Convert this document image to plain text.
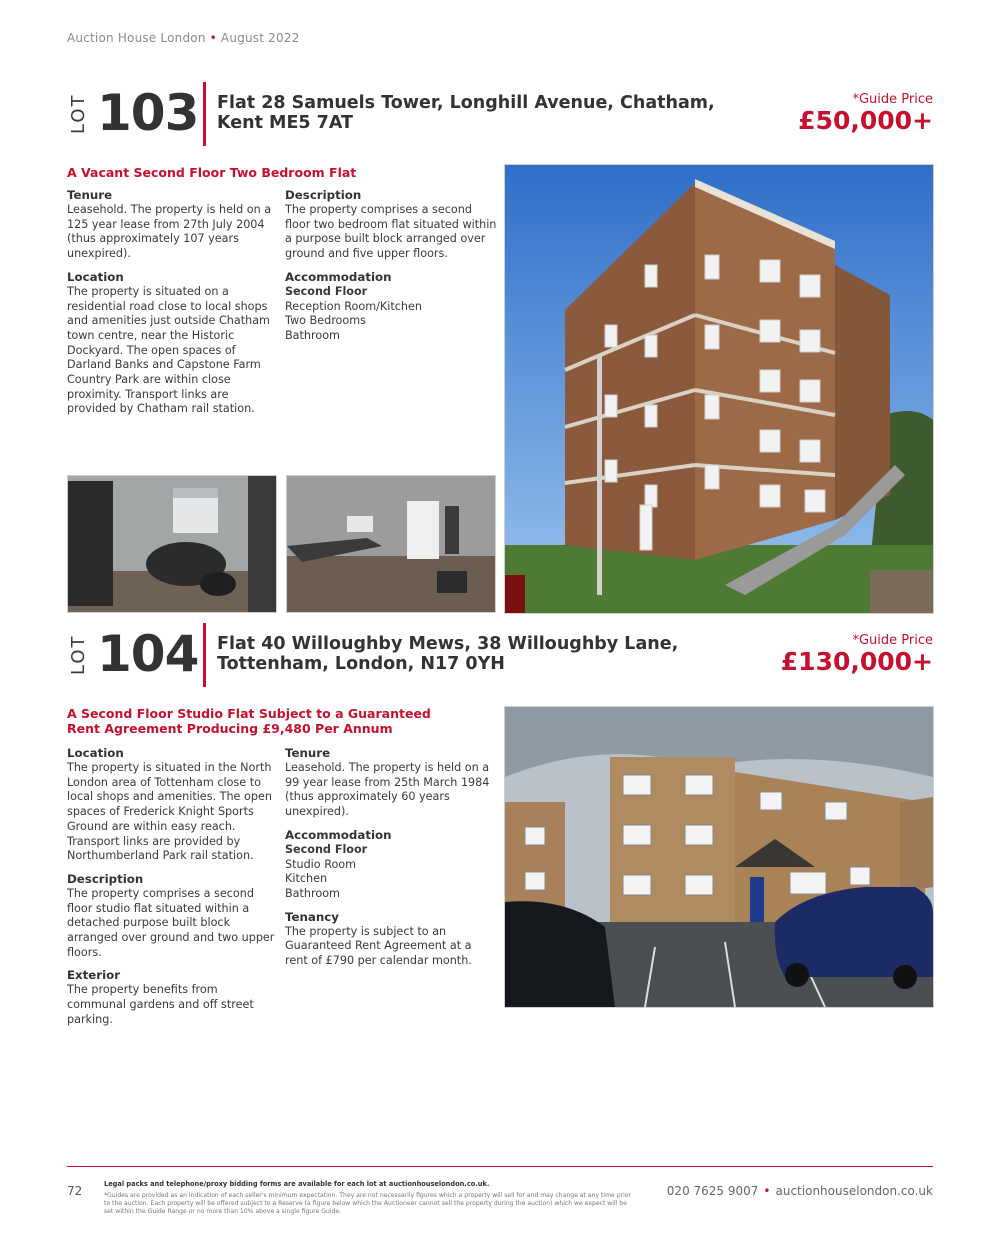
Auction House London • August 2022
LOT 103 Flat 28 Samuels Tower, Longhill Avenue, Chatham,
Kent ME5 7AT
*Guide Price
£50,000+
A Vacant Second Floor Two Bedroom Flat
Tenure

Leasehold. The property is held on a 125 year lease from 27th July 2004 (thus approximately 107 years unexpired).

Location

The property is situated on a residential road close to local shops and amenities just outside Chatham town centre, near the Historic Dockyard. The open spaces of Darland Banks and Capstone Farm Country Park are within close proximity. Transport links are provided by Chatham rail station.

Description

The property comprises a second floor two bedroom flat situated within a purpose built block arranged over ground and five upper floors.

Accommodation
Second Floor
Reception Room/Kitchen
Two Bedrooms
Bathroom
LOT 104 Flat 40 Willoughby Mews, 38 Willoughby Lane,
Tottenham, London, N17 0YH
*Guide Price
£130,000+
A Second Floor Studio Flat Subject to a Guaranteed Rent Agreement Producing £9,480 Per Annum
Location

The property is situated in the North London area of Tottenham close to local shops and amenities. The open spaces of Frederick Knight Sports Ground are within easy reach. Transport links are provided by Northumberland Park rail station.

Description

The property comprises a second floor studio flat situated within a detached purpose built block arranged over ground and two upper floors.

Exterior

The property benefits from communal gardens and off street parking.

Tenure

Leasehold. The property is held on a 99 year lease from 25th March 1984 (thus approximately 60 years unexpired).

Accommodation
Second Floor
Studio Room
Kitchen
Bathroom
Tenancy

The property is subject to an Guaranteed Rent Agreement at a rent of £790 per calendar month.

72	Legal packs and telephone/proxy bidding forms are available for each lot at auctionhouselondon.co.uk.
*Guides are provided as an indication of each seller's minimum expectation. They are not necessarily figures which a property will sell for and may change at any time prior to the auction. Each property will be offered subject to a Reserve (a figure below which the Auctioneer cannot sell the property during the auction) which we expect will be set within the Guide Range or no more than 10% above a single figure Guide.
020 7625 9007 • auctionhouselondon.co.uk
